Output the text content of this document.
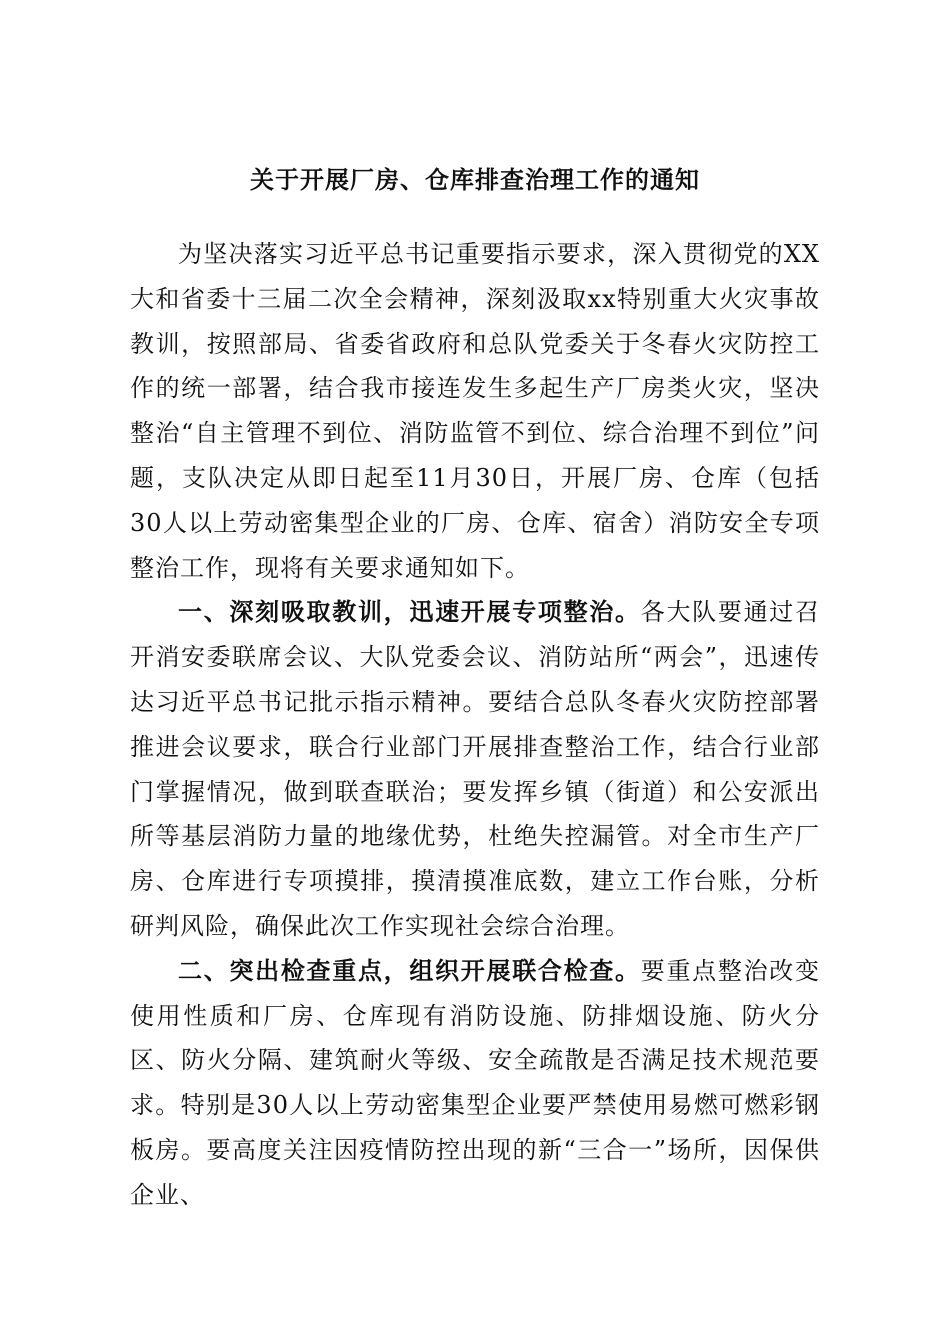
关于开展厂房、仓库排查治理工作的通知

为坚决落实习近平总书记重要指示要求，深入贯彻党的XX大和省委十三届二次全会精神，深刻汲取xx特别重大火灾事故教训，按照部局、省委省政府和总队党委关于冬春火灾防控工作的统一部署，结合我市接连发生多起生产厂房类火灾，坚决整治“自主管理不到位、消防监管不到位、综合治理不到位”问题，支队决定从即日起至11月30日，开展厂房、仓库（包括30人以上劳动密集型企业的厂房、仓库、宿舍）消防安全专项整治工作，现将有关要求通知如下。

一、深刻吸取教训，迅速开展专项整治。各大队要通过召开消安委联席会议、大队党委会议、消防站所“两会”，迅速传达习近平总书记批示指示精神。要结合总队冬春火灾防控部署推进会议要求，联合行业部门开展排查整治工作，结合行业部门掌握情况，做到联查联治；要发挥乡镇（街道）和公安派出所等基层消防力量的地缘优势，杜绝失控漏管。对全市生产厂房、仓库进行专项摸排，摸清摸准底数，建立工作台账，分析研判风险，确保此次工作实现社会综合治理。

二、突出检查重点，组织开展联合检查。要重点整治改变使用性质和厂房、仓库现有消防设施、防排烟设施、防火分区、防火分隔、建筑耐火等级、安全疏散是否满足技术规范要求。特别是30人以上劳动密集型企业要严禁使用易燃可燃彩钢板房。要高度关注因疫情防控出现的新“三合一”场所，因保供企业、
